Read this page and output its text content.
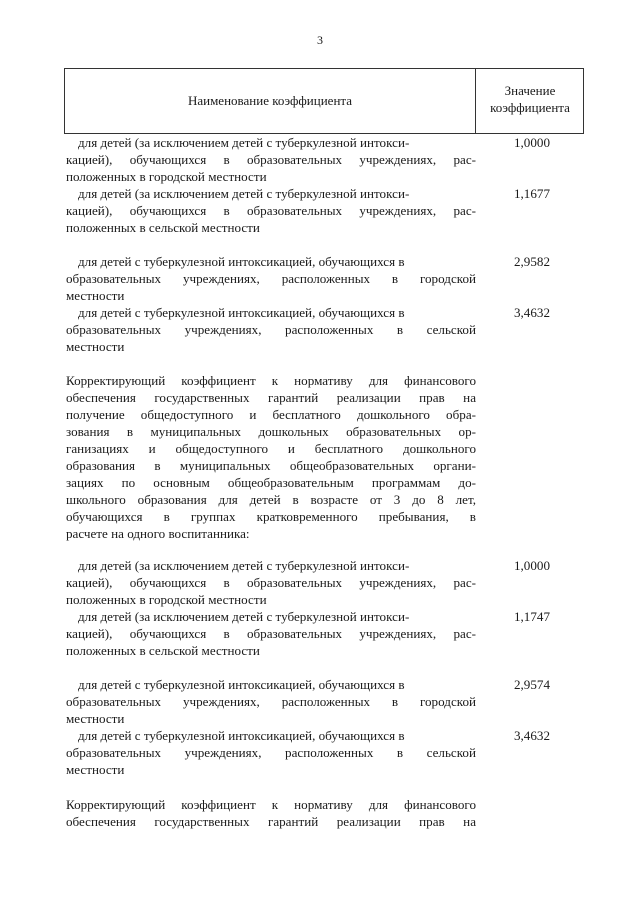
3
Наименование коэффициента
Значение
коэффициента
для детей (за исключением детей с туберкулезной интокси-
кацией), обучающихся в образовательных учреждениях, рас-
положенных в городской местности
1,0000
для детей (за исключением детей с туберкулезной интокси-
кацией), обучающихся в образовательных учреждениях, рас-
положенных в сельской местности
1,1677
для детей с туберкулезной интоксикацией, обучающихся в
образовательных учреждениях, расположенных в городской
местности
2,9582
для детей с туберкулезной интоксикацией, обучающихся в
образовательных учреждениях, расположенных в сельской
местности
3,4632
Корректирующий коэффициент к нормативу для финансового
обеспечения государственных гарантий реализации прав на
получение общедоступного и бесплатного дошкольного обра-
зования в муниципальных дошкольных образовательных ор-
ганизациях и общедоступного и бесплатного дошкольного
образования в муниципальных общеобразовательных органи-
зациях по основным общеобразовательным программам до-
школьного образования для детей в возрасте от 3 до 8 лет,
обучающихся в группах кратковременного пребывания, в
расчете на одного воспитанника:
для детей (за исключением детей с туберкулезной интокси-
кацией), обучающихся в образовательных учреждениях, рас-
положенных в городской местности
1,0000
для детей (за исключением детей с туберкулезной интокси-
кацией), обучающихся в образовательных учреждениях, рас-
положенных в сельской местности
1,1747
для детей с туберкулезной интоксикацией, обучающихся в
образовательных учреждениях, расположенных в городской
местности
2,9574
для детей с туберкулезной интоксикацией, обучающихся в
образовательных учреждениях, расположенных в сельской
местности
3,4632
Корректирующий коэффициент к нормативу для финансового
обеспечения государственных гарантий реализации прав на
